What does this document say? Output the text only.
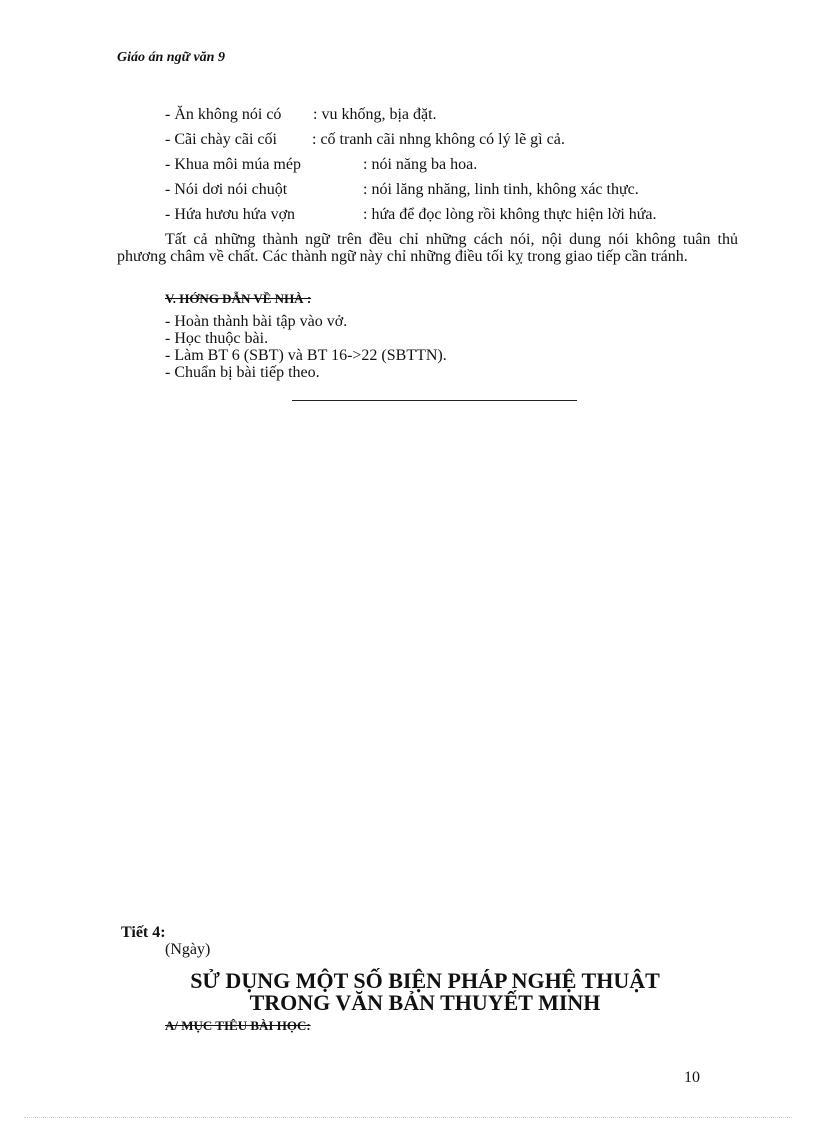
Giáo án ngữ văn 9
- Ăn không nói có : vu khống, bịa đặt.
- Cãi chày cãi cối : cố tranh cãi nhng không có lý lẽ gì cả.
- Khua môi múa mép	: nói năng ba hoa.
- Nói dơi nói chuột	: nói lăng nhăng, linh tinh, không xác thực.
- Hứa hươu hứa vợn	: hứa để đọc lòng rồi không thực hiện lời hứa.
Tất cả những thành ngữ trên đều chỉ những cách nói, nội dung nói không tuân thủ phương châm về chất. Các thành ngữ này chỉ những điều tối kỵ trong giao tiếp cần tránh.
V. HỚNG DẪN VỀ NHÀ :
- Hoàn thành bài tập vào vở.
- Học thuộc bài.
- Làm BT 6 (SBT) và BT 16->22 (SBTTN).
- Chuẩn bị bài tiếp theo.
Tiết 4:
(Ngày)
SỬ DỤNG MỘT SỐ BIỆN PHÁP NGHỆ THUẬT
TRONG VĂN BẢN THUYẾT MINH
A/ MỤC TIÊU BÀI HỌC:
10
